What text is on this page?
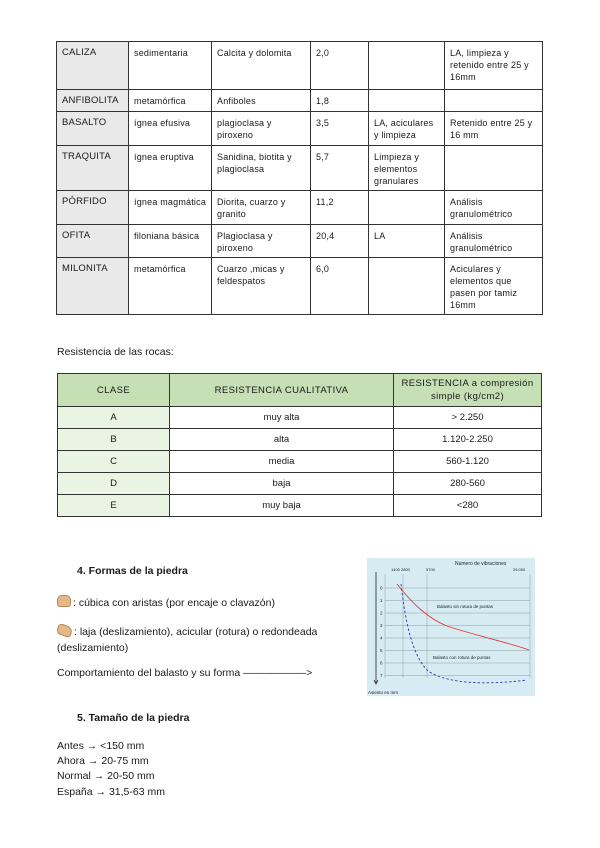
CALIZA	sedimentaria	Calcita y dolomita	2,0		LA, limpieza y retenido entre 25 y 16mm
ANFIBOLITA	metamórfica	Anfiboles	1,8		
BASALTO	ígnea efusiva	plagioclasa y piroxeno	3,5	LA, aciculares y limpieza	Retenido entre 25 y 16 mm
TRAQUITA	ígnea eruptiva	Sanidina, biotita y plagioclasa	5,7	Limpieza y elementos granulares	
PÓRFIDO	ígnea magmática	Diorita, cuarzo y granito	11,2		Análisis granulométrico
OFITA	filoniana básica	Plagioclasa y piroxeno	20,4	LA	Análisis granulométrico
MILONITA	metamórfica	Cuarzo ,micas y feldespatos	6,0		Aciculares y elementos que pasen por tamiz 16mm
Resistencia de las rocas:
CLASE	RESISTENCIA CUALITATIVA	RESISTENCIA a compresión simple (kg/cm2)
A	muy alta	> 2.250
B	alta	1.120-2.250
C	media	560-1.120
D	baja	280-560
E	muy baja	<280
4. Formas de la piedra
: cúbica con aristas (por encaje o clavazón)
: laja (deslizamiento), acicular (rotura) o redondeada
(deslizamiento)
Comportamiento del balasto y su forma ——————>
Numero de vibraciones
1400 2800	5700	25.000
0
1
2
3
4
5
6
7
Balasto sin rotura de puntas
Balasto con rotura de puntas
Asiento en mm
5. Tamaño de la piedra
Antes → <150 mm
Ahora → 20-75 mm
Normal → 20-50 mm
España → 31,5-63 mm
